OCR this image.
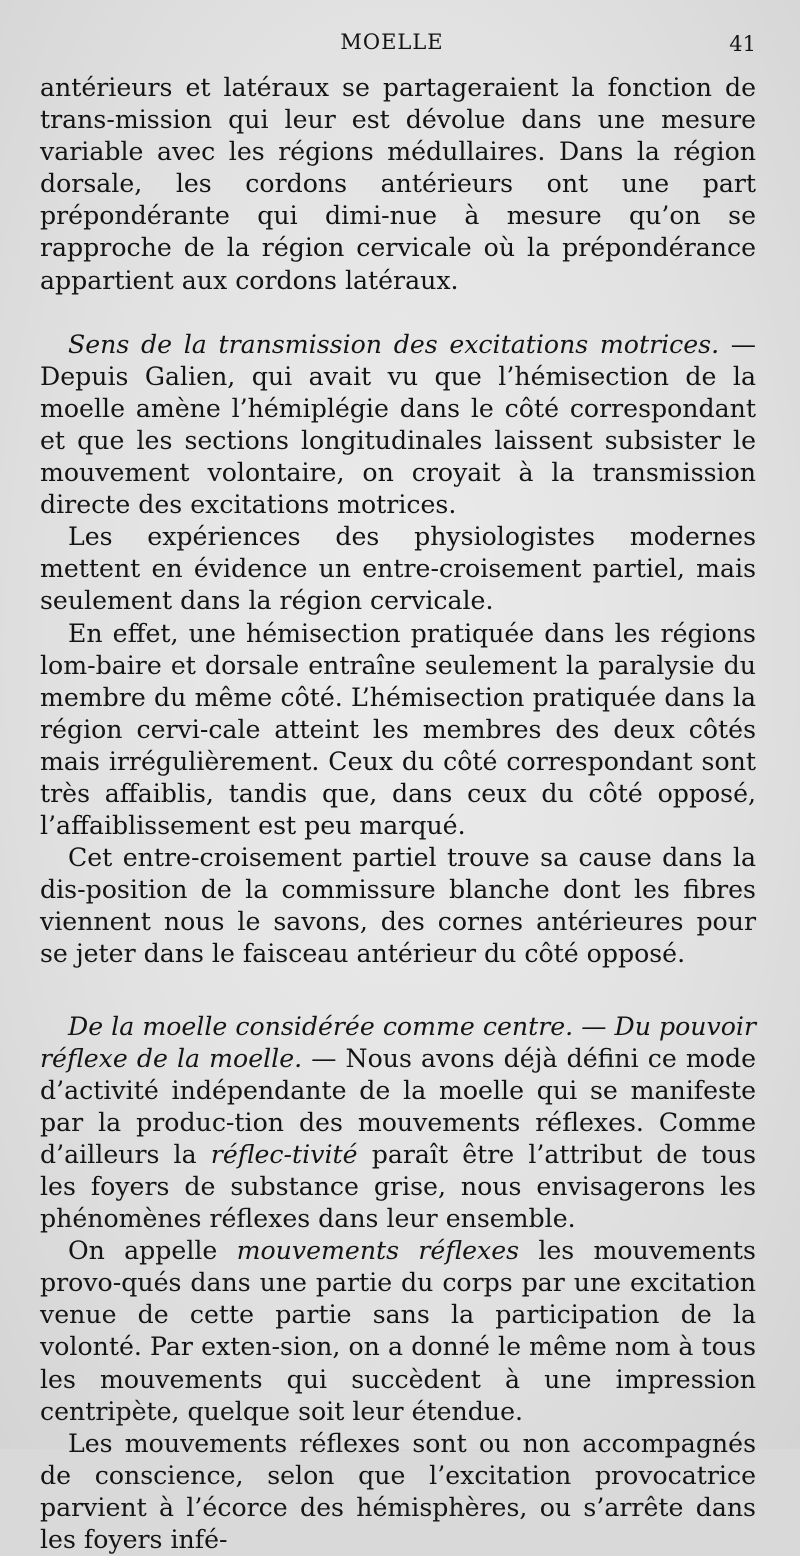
MOELLE	41

antérieurs et latéraux se partageraient la fonction de trans-mission qui leur est dévolue dans une mesure variable avec les régions médullaires. Dans la région dorsale, les cordons antérieurs ont une part prépondérante qui dimi-nue à mesure qu’on se rapproche de la région cervicale où la prépondérance appartient aux cordons latéraux.

Sens de la transmission des excitations motrices. — Depuis Galien, qui avait vu que l’hémisection de la moelle amène l’hémiplégie dans le côté correspondant et que les sections longitudinales laissent subsister le mouvement volontaire, on croyait à la transmission directe des excitations motrices.

Les expériences des physiologistes modernes mettent en évidence un entre-croisement partiel, mais seulement dans la région cervicale.

En effet, une hémisection pratiquée dans les régions lom-baire et dorsale entraîne seulement la paralysie du membre du même côté. L’hémisection pratiquée dans la région cervi-cale atteint les membres des deux côtés mais irrégulièrement. Ceux du côté correspondant sont très affaiblis, tandis que, dans ceux du côté opposé, l’affaiblissement est peu marqué.

Cet entre-croisement partiel trouve sa cause dans la dis-position de la commissure blanche dont les fibres viennent nous le savons, des cornes antérieures pour se jeter dans le faisceau antérieur du côté opposé.

De la moelle considérée comme centre. — Du pouvoir réflexe de la moelle. — Nous avons déjà défini ce mode d’activité indépendante de la moelle qui se manifeste par la produc-tion des mouvements réflexes. Comme d’ailleurs la réflec-tivité paraît être l’attribut de tous les foyers de substance grise, nous envisagerons les phénomènes réflexes dans leur ensemble.

On appelle mouvements réflexes les mouvements provo-qués dans une partie du corps par une excitation venue de cette partie sans la participation de la volonté. Par exten-sion, on a donné le même nom à tous les mouvements qui succèdent à une impression centripète, quelque soit leur étendue.

Les mouvements réflexes sont ou non accompagnés de conscience, selon que l’excitation provocatrice parvient à l’écorce des hémisphères, ou s’arrête dans les foyers infé-
